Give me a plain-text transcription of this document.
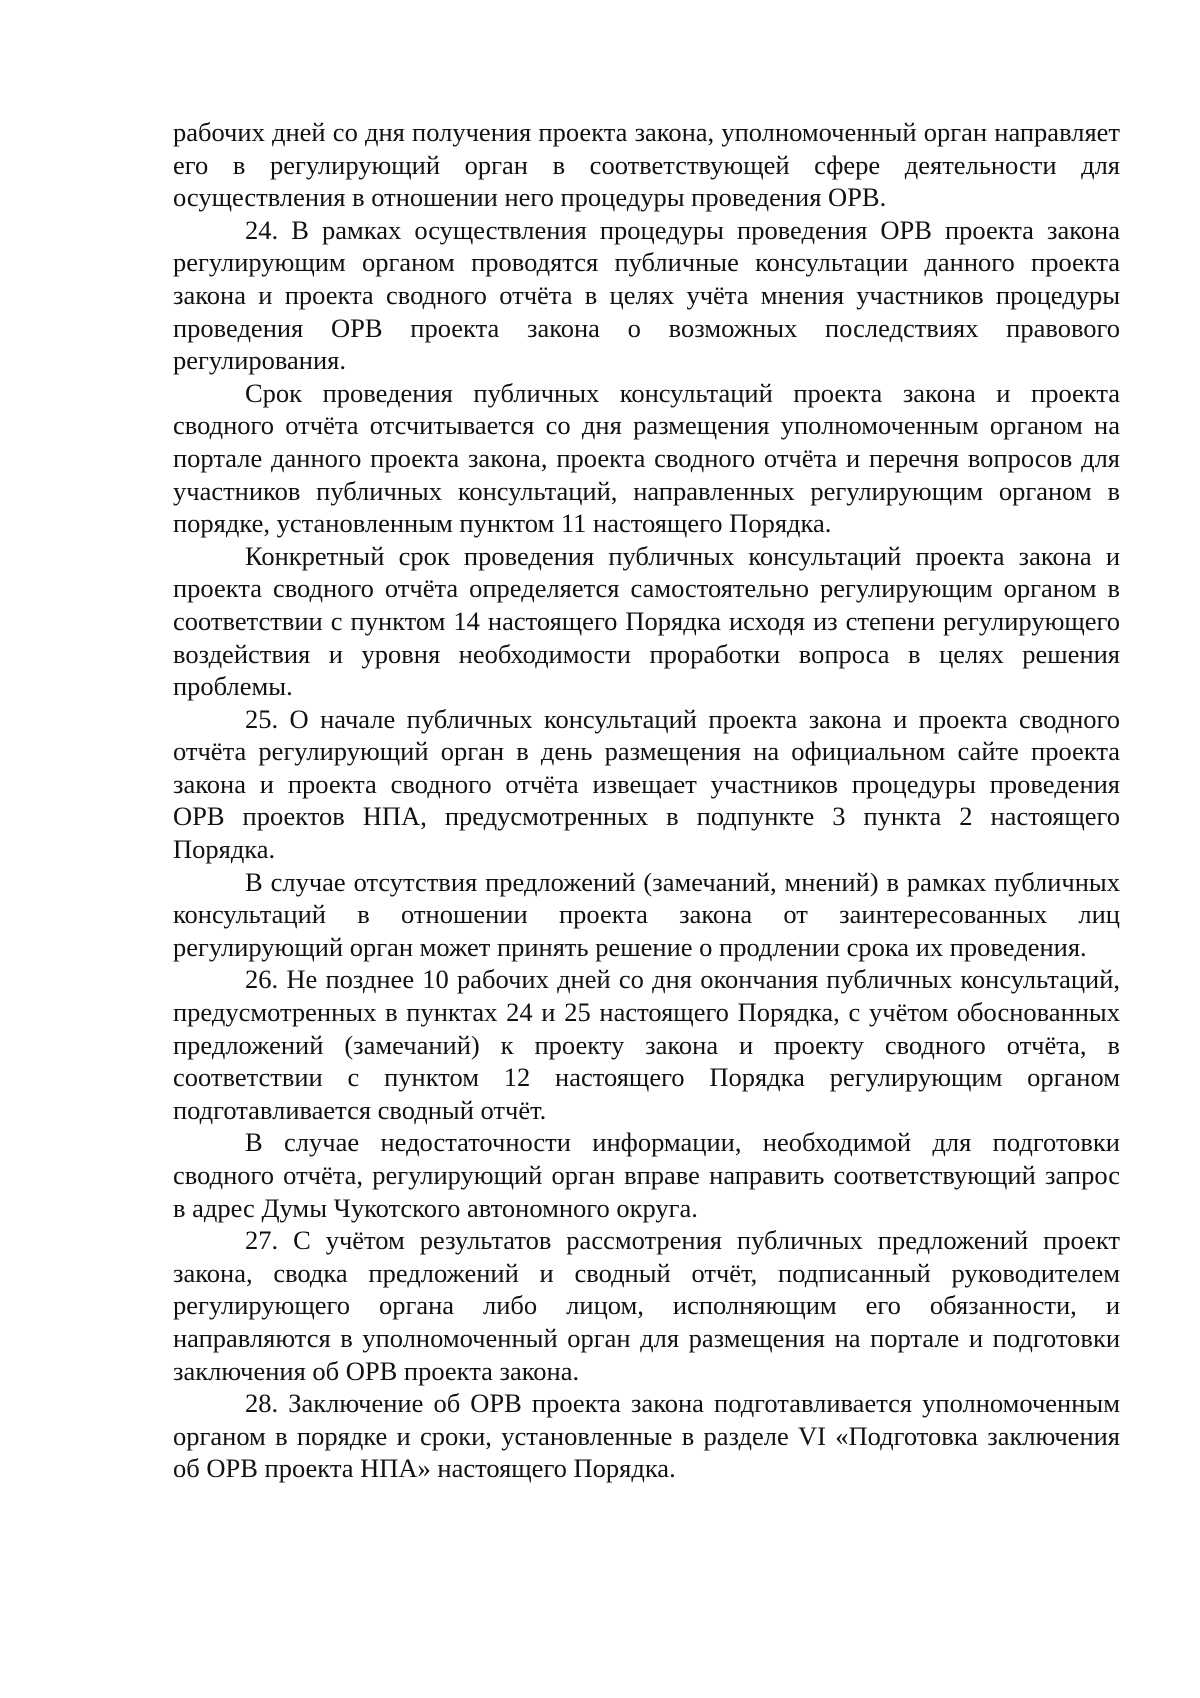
рабочих дней со дня получения проекта закона, уполномоченный орган направляет его в регулирующий орган в соответствующей сфере деятельности для осуществления в отношении него процедуры проведения ОРВ.

24. В рамках осуществления процедуры проведения ОРВ проекта закона регулирующим органом проводятся публичные консультации данного проекта закона и проекта сводного отчёта в целях учёта мнения участников процедуры проведения ОРВ проекта закона о возможных последствиях правового регулирования.

Срок проведения публичных консультаций проекта закона и проекта сводного отчёта отсчитывается со дня размещения уполномоченным органом на портале данного проекта закона, проекта сводного отчёта и перечня вопросов для участников публичных консультаций, направленных регулирующим органом в порядке, установленным пунктом 11 настоящего Порядка.

Конкретный срок проведения публичных консультаций проекта закона и проекта сводного отчёта определяется самостоятельно регулирующим органом в соответствии с пунктом 14 настоящего Порядка исходя из степени регулирующего воздействия и уровня необходимости проработки вопроса в целях решения проблемы.

25. О начале публичных консультаций проекта закона и проекта сводного отчёта регулирующий орган в день размещения на официальном сайте проекта закона и проекта сводного отчёта извещает участников процедуры проведения ОРВ проектов НПА, предусмотренных в подпункте 3 пункта 2 настоящего Порядка.

В случае отсутствия предложений (замечаний, мнений) в рамках публичных консультаций в отношении проекта закона от заинтересованных лиц регулирующий орган может принять решение о продлении срока их проведения.

26. Не позднее 10 рабочих дней со дня окончания публичных консультаций, предусмотренных в пунктах 24 и 25 настоящего Порядка, с учётом обоснованных предложений (замечаний) к проекту закона и проекту сводного отчёта, в соответствии с пунктом 12 настоящего Порядка регулирующим органом подготавливается сводный отчёт.

В случае недостаточности информации, необходимой для подготовки сводного отчёта, регулирующий орган вправе направить соответствующий запрос в адрес Думы Чукотского автономного округа.

27. С учётом результатов рассмотрения публичных предложений проект закона, сводка предложений и сводный отчёт, подписанный руководителем регулирующего органа либо лицом, исполняющим его обязанности, и направляются в уполномоченный орган для размещения на портале и подготовки заключения об ОРВ проекта закона.

28. Заключение об ОРВ проекта закона подготавливается уполномоченным органом в порядке и сроки, установленные в разделе VI «Подготовка заключения об ОРВ проекта НПА» настоящего Порядка.
